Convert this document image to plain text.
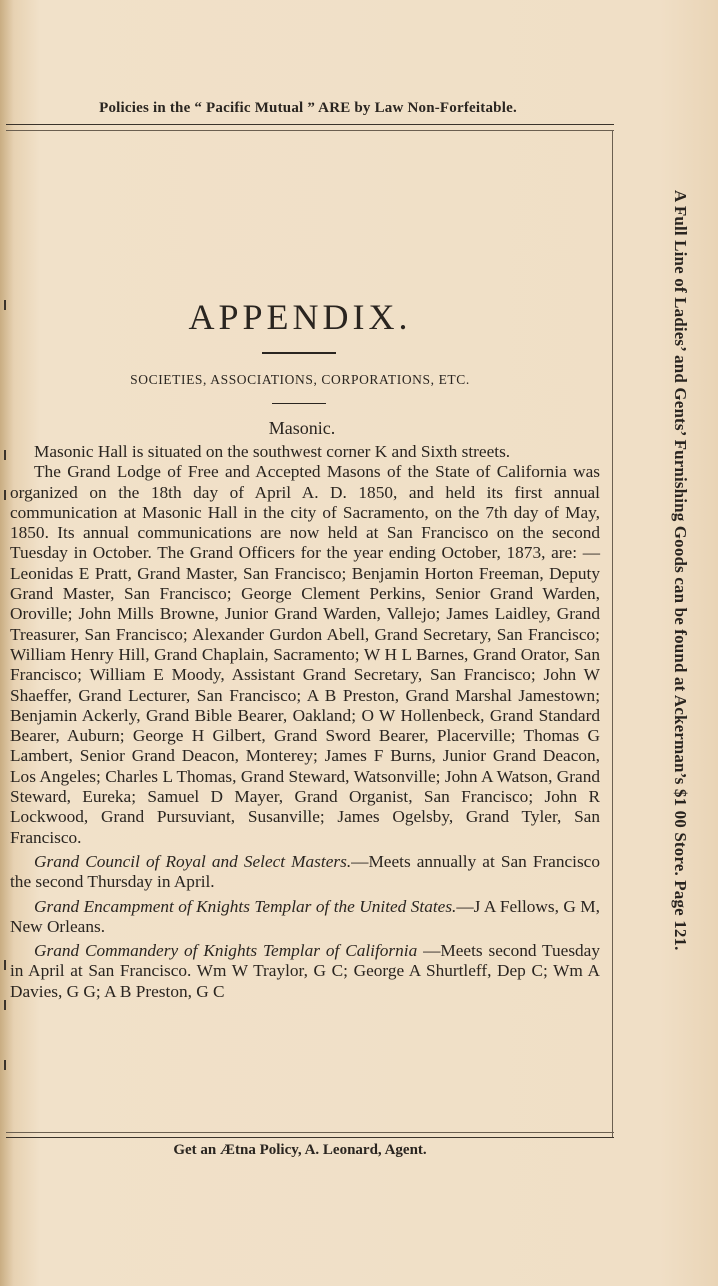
Policies in the “ Pacific Mutual ” ARE by Law Non-Forfeitable.
A Full Line of Ladies’ and Gents’ Furnishing Goods can be found at Ackerman’s $1 00 Store. Page 121.
APPENDIX.
SOCIETIES, ASSOCIATIONS, CORPORATIONS, ETC.
Masonic.

Masonic Hall is situated on the southwest corner K and Sixth streets.

The Grand Lodge of Free and Accepted Masons of the State of California was organized on the 18th day of April A. D. 1850, and held its first annual communication at Masonic Hall in the city of Sacramento, on the 7th day of May, 1850. Its annual communications are now held at San Francisco on the second Tuesday in October. The Grand Officers for the year ending October, 1873, are: —Leonidas E Pratt, Grand Master, San Francisco; Benjamin Horton Freeman, Deputy Grand Master, San Francisco; George Clement Perkins, Senior Grand Warden, Oroville; John Mills Browne, Junior Grand Warden, Vallejo; James Laidley, Grand Treasurer, San Francisco; Alexander Gurdon Abell, Grand Secretary, San Francisco; William Henry Hill, Grand Chaplain, Sacramento; W H L Barnes, Grand Orator, San Francisco; William E Moody, Assistant Grand Secretary, San Francisco; John W Shaeffer, Grand Lecturer, San Francisco; A B Preston, Grand Marshal Jamestown; Benjamin Ackerly, Grand Bible Bearer, Oakland; O W Hollenbeck, Grand Standard Bearer, Auburn; George H Gilbert, Grand Sword Bearer, Placerville; Thomas G Lambert, Senior Grand Deacon, Monterey; James F Burns, Junior Grand Deacon, Los Angeles; Charles L Thomas, Grand Steward, Watsonville; John A Watson, Grand Steward, Eureka; Samuel D Mayer, Grand Organist, San Francisco; John R Lockwood, Grand Pursuviant, Susanville; James Ogelsby, Grand Tyler, San Francisco.

Grand Council of Royal and Select Masters.—Meets annually at San Francisco the second Thursday in April.

Grand Encampment of Knights Templar of the United States.—J A Fellows, G M, New Orleans.

Grand Commandery of Knights Templar of California —Meets second Tuesday in April at San Francisco. Wm W Traylor, G C; George A Shurtleff, Dep C; Wm A Davies, G G; A B Preston, G C

Get an Ætna Policy, A. Leonard, Agent.
